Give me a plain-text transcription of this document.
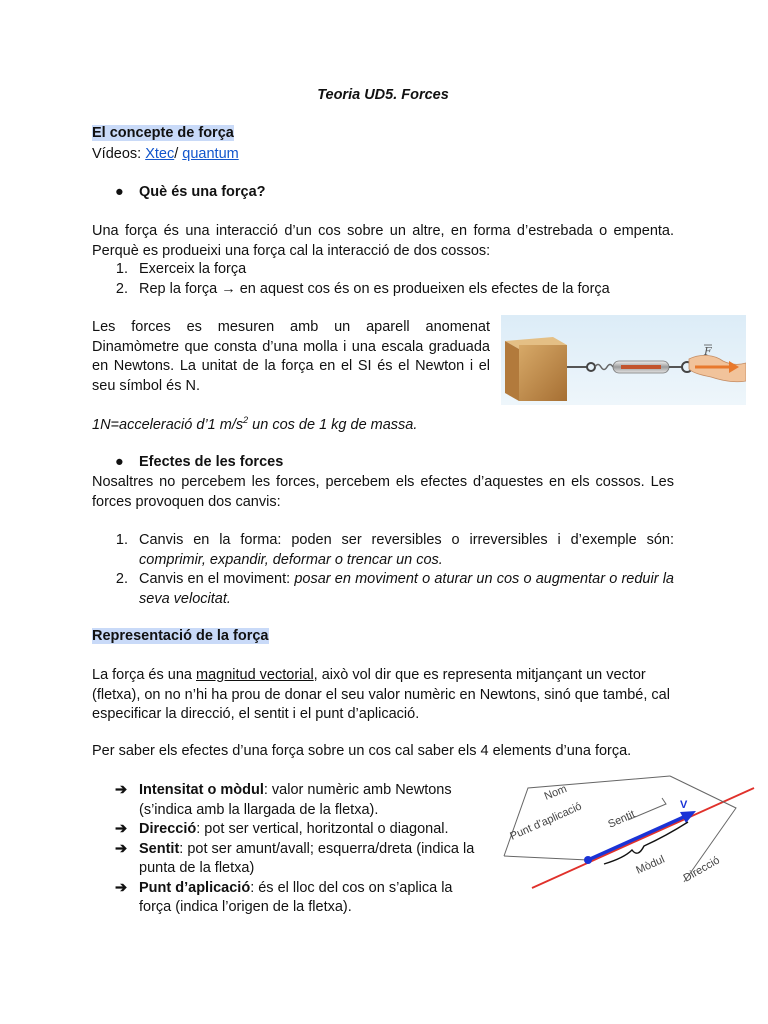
Teoria UD5. Forces
El concepte de força
Vídeos: Xtec/ quantum
● Què és una força?
Una força és una interacció d’un cos sobre un altre, en forma d’estrebada o empenta. Perquè es produeixi una força cal la interacció de dos cossos:
1. Exerceix la força
2. Rep la força → en aquest cos és on es produeixen els efectes de la força
Les forces es mesuren amb un aparell anomenat Dinamòmetre que consta d’una molla i una escala graduada en Newtons. La unitat de la força en el SI és el Newton i el seu símbol és N.
1N=acceleració d’1 $m/s^2$ un cos de 1 kg de massa.
● Efectes de les forces
Nosaltres no percebem les forces, percebem els efectes d’aquestes en els cossos. Les forces provoquen dos canvis:
1. Canvis en la forma: poden ser reversibles o irreversibles i d’exemple són: comprimir, expandir, deformar o trencar un cos.
2. Canvis en el moviment: posar en moviment o aturar un cos o augmentar o reduir la seva velocitat.
Representació de la força
La força és una magnitud vectorial, això vol dir que es representa mitjançant un vector (fletxa), on no n’hi ha prou de donar el seu valor numèric en Newtons, sinó que també, cal especificar la direcció, el sentit i el punt d’aplicació.
Per saber els efectes d’una força sobre un cos cal saber els 4 elements d’una força.
➔ Intensitat o mòdul: valor numèric amb Newtons (s’indica amb la llargada de la fletxa).
➔ Direcció: pot ser vertical, horitzontal o diagonal.
➔ Sentit: pot ser amunt/avall; esquerra/dreta (indica la punta de la fletxa)
➔ Punt d’aplicació: és el lloc del cos on s’aplica la força (indica l’origen de la fletxa).
F
Nom
Punt d’aplicació Sentit
Mòdul Direcció
V
